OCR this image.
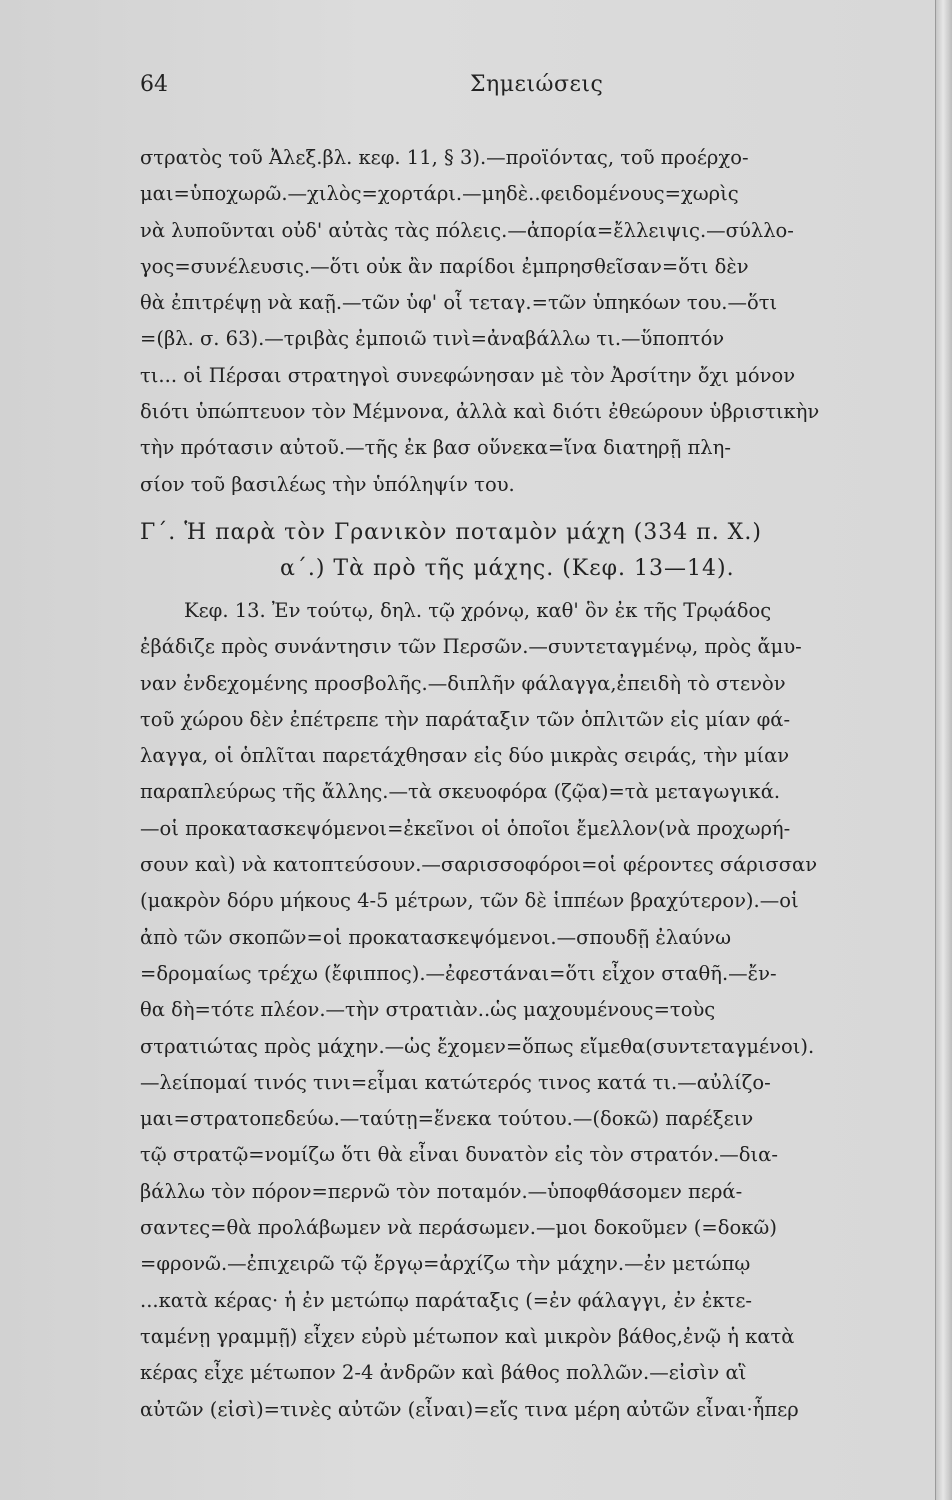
64	Σημειώσεις

στρατὸς τοῦ Ἀλεξ.βλ. κεφ. 11, § 3).—προϊόντας, τοῦ προέρχο-
μαι=ὑποχωρῶ.—χιλὸς=χορτάρι.—μηδὲ..φειδομένους=χωρὶς
νὰ λυποῦνται οὐδ' αὐτὰς τὰς πόλεις.—ἀπορία=ἔλλειψις.—σύλλο-
γος=συνέλευσις.—ὅτι οὐκ ἂν παρίδοι ἐμπρησθεῖσαν=ὅτι δὲν
θὰ ἐπιτρέψῃ νὰ καῇ.—τῶν ὑφ' οἷ τεταγ.=τῶν ὑπηκόων του.—ὅτι
=(βλ. σ. 63).—τριβὰς ἐμποιῶ τινὶ=ἀναβάλλω τι.—ὕποπτόν
τι... οἱ Πέρσαι στρατηγοὶ συνεφώνησαν μὲ τὸν Ἀρσίτην ὄχι μόνον
διότι ὑπώπτευον τὸν Μέμνονα, ἀλλὰ καὶ διότι ἐθεώρουν ὑβριστικὴν
τὴν πρότασιν αὐτοῦ.—τῆς ἐκ βασ οὕνεκα=ἵνα διατηρῇ πλη-
σίον τοῦ βασιλέως τὴν ὑπόληψίν του.

Γ΄. Ἡ παρὰ τὸν Γρανικὸν ποταμὸν μάχη (334 π. Χ.)
α΄.) Τὰ πρὸ τῆς μάχης. (Κεφ. 13—14).

Κεφ. 13. Ἐν τούτῳ, δηλ. τῷ χρόνῳ, καθ' ὃν ἐκ τῆς Τρῳάδος
ἐβάδιζε πρὸς συνάντησιν τῶν Περσῶν.—συντεταγμένῳ, πρὸς ἄμυ-
ναν ἐνδεχομένης προσβολῆς.—διπλῆν φάλαγγα,ἐπειδὴ τὸ στενὸν
τοῦ χώρου δὲν ἐπέτρεπε τὴν παράταξιν τῶν ὁπλιτῶν εἰς μίαν φά-
λαγγα, οἱ ὁπλῖται παρετάχθησαν εἰς δύο μικρὰς σειράς, τὴν μίαν
παραπλεύρως τῆς ἄλλης.—τὰ σκευοφόρα (ζῷα)=τὰ μεταγωγικά.
—οἱ προκατασκεψόμενοι=ἐκεῖνοι οἱ ὁποῖοι ἔμελλον(νὰ προχωρή-
σουν καὶ) νὰ κατοπτεύσουν.—σαρισσοφόροι=οἱ φέροντες σάρισσαν
(μακρὸν δόρυ μήκους 4-5 μέτρων, τῶν δὲ ἱππέων βραχύτερον).—οἱ
ἀπὸ τῶν σκοπῶν=οἱ προκατασκεψόμενοι.—σπουδῇ ἐλαύνω
=δρομαίως τρέχω (ἔφιππος).—ἐφεστάναι=ὅτι εἶχον σταθῆ.—ἔν-
θα δὴ=τότε πλέον.—τὴν στρατιὰν..ὡς μαχουμένους=τοὺς
στρατιώτας πρὸς μάχην.—ὡς ἔχομεν=ὅπως εἴμεθα(συντεταγμένοι).
—λείπομαί τινός τινι=εἶμαι κατώτερός τινος κατά τι.—αὐλίζο-
μαι=στρατοπεδεύω.—ταύτῃ=ἕνεκα τούτου.—(δοκῶ) παρέξειν
τῷ στρατῷ=νομίζω ὅτι θὰ εἶναι δυνατὸν εἰς τὸν στρατόν.—δια-
βάλλω τὸν πόρον=περνῶ τὸν ποταμόν.—ὑποφθάσομεν περά-
σαντες=θὰ προλάβωμεν νὰ περάσωμεν.—μοι δοκοῦμεν (=δοκῶ)
=φρονῶ.—ἐπιχειρῶ τῷ ἔργῳ=ἀρχίζω τὴν μάχην.—ἐν μετώπῳ
...κατὰ κέρας· ἡ ἐν μετώπῳ παράταξις (=ἐν φάλαγγι, ἐν ἐκτε-
ταμένῃ γραμμῇ) εἶχεν εὐρὺ μέτωπον καὶ μικρὸν βάθος,ἐνῷ ἡ κατὰ
κέρας εἶχε μέτωπον 2-4 ἀνδρῶν καὶ βάθος πολλῶν.—εἰσὶν αἳ
αὐτῶν (εἰσὶ)=τινὲς αὐτῶν (εἶναι)=εἴς τινα μέρη αὐτῶν εἶναι·ἧπερ
